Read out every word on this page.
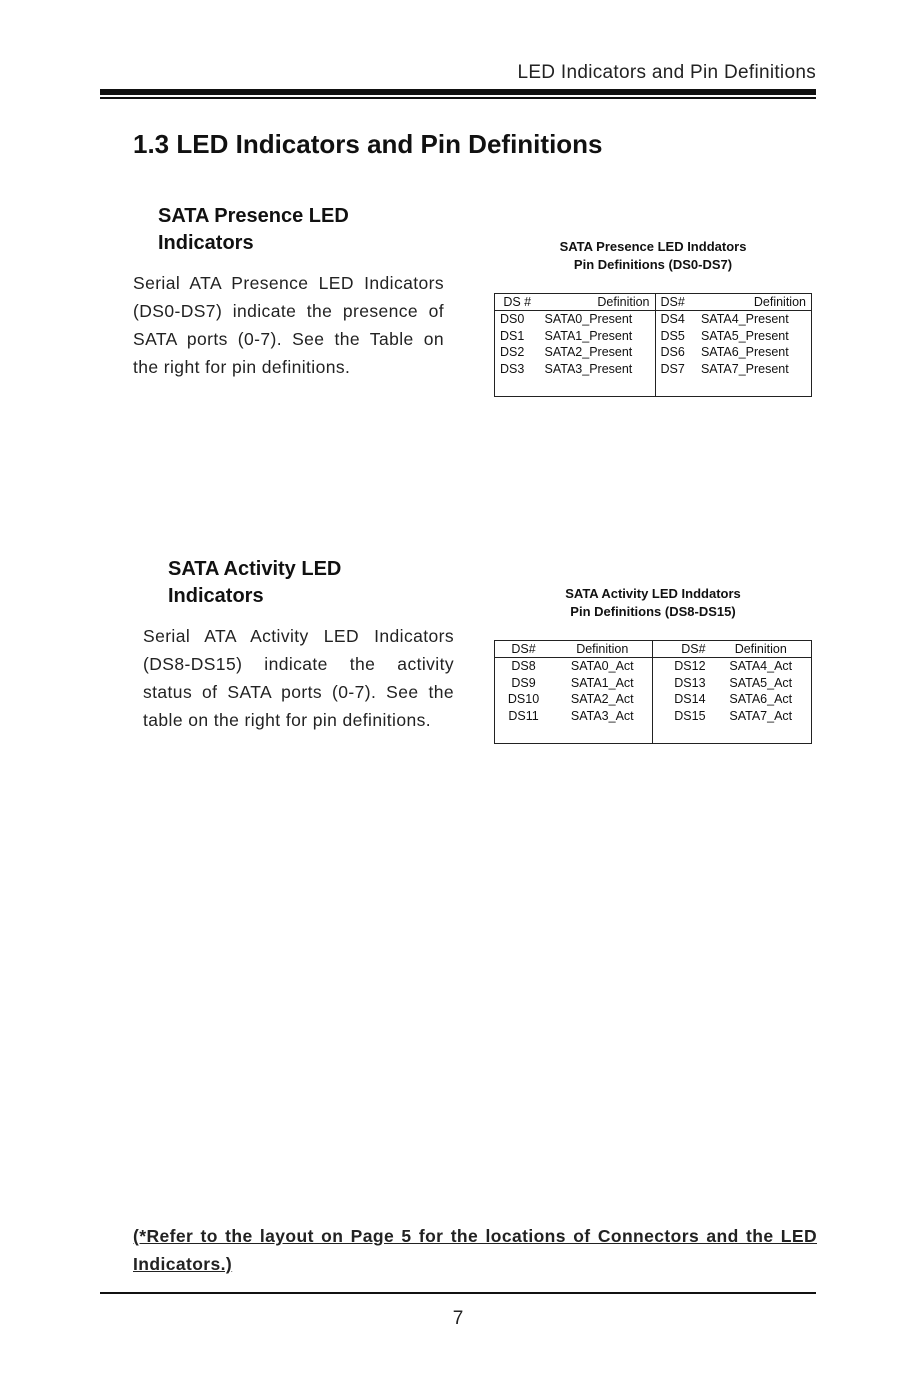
LED Indicators and Pin Definitions
1.3 LED Indicators and Pin Definitions
SATA Presence LED
Indicators
Serial ATA Presence LED Indicators (DS0-DS7) indicate the presence of SATA ports (0-7). See the Table on the right for pin definitions.
SATA Presence LED Inddators
Pin Definitions (DS0-DS7)
DS #	Definition	DS#	Definition
DS0	SATA0_Present	DS4	SATA4_Present
DS1	SATA1_Present	DS5	SATA5_Present
DS2	SATA2_Present	DS6	SATA6_Present
DS3	SATA3_Present	DS7	SATA7_Present

SATA Activity LED
Indicators
Serial ATA Activity LED Indicators (DS8-DS15) indicate the activity status of SATA ports (0-7). See the table on the right for pin definitions.
SATA Activity LED Inddators
Pin Definitions (DS8-DS15)
DS#	Definition	DS#	Definition
DS8	SATA0_Act	DS12	SATA4_Act
DS9	SATA1_Act	DS13	SATA5_Act
DS10	SATA2_Act	DS14	SATA6_Act
DS11	SATA3_Act	DS15	SATA7_Act

(*Refer to the layout on Page 5 for the locations of Connectors and the LED Indicators.)
7
